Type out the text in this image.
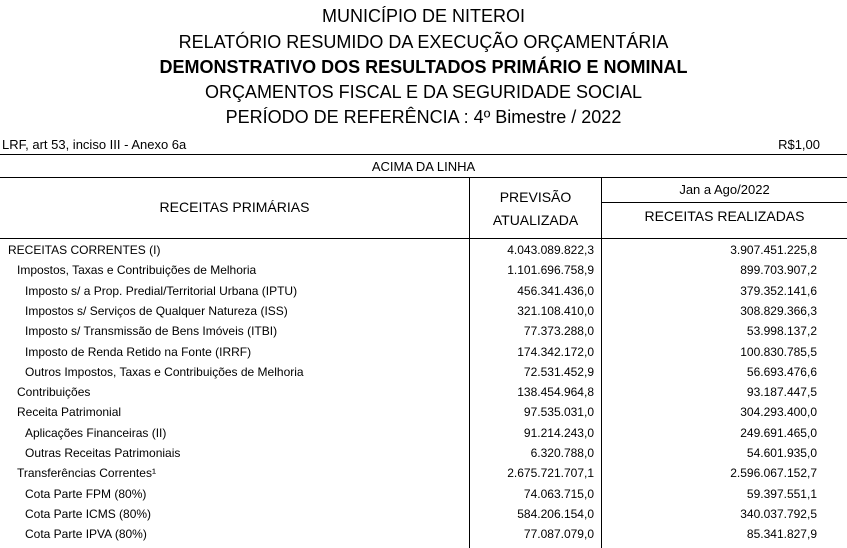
MUNICÍPIO DE NITEROI
RELATÓRIO RESUMIDO DA EXECUÇÃO ORÇAMENTÁRIA
DEMONSTRATIVO DOS RESULTADOS PRIMÁRIO E NOMINAL
ORÇAMENTOS FISCAL E DA SEGURIDADE SOCIAL
PERÍODO DE REFERÊNCIA : 4º Bimestre / 2022
LRF, art 53, inciso III - Anexo 6a	R$1,00
ACIMA DA LINHA
RECEITAS PRIMÁRIAS
PREVISÃO
ATUALIZADA
Jan a Ago/2022
RECEITAS REALIZADAS
RECEITAS CORRENTES (I)	4.043.089.822,3	3.907.451.225,8
Impostos, Taxas e Contribuições de Melhoria	1.101.696.758,9	899.703.907,2
Imposto s/ a Prop. Predial/Territorial Urbana (IPTU)	456.341.436,0	379.352.141,6
Impostos s/ Serviços de Qualquer Natureza (ISS)	321.108.410,0	308.829.366,3
Imposto s/ Transmissão de Bens Imóveis (ITBI)	77.373.288,0	53.998.137,2
Imposto de Renda Retido na Fonte (IRRF)	174.342.172,0	100.830.785,5
Outros Impostos, Taxas e Contribuições de Melhoria	72.531.452,9	56.693.476,6
Contribuições	138.454.964,8	93.187.447,5
Receita Patrimonial	97.535.031,0	304.293.400,0
Aplicações Financeiras (II)	91.214.243,0	249.691.465,0
Outras Receitas Patrimoniais	6.320.788,0	54.601.935,0
Transferências Correntes¹	2.675.721.707,1	2.596.067.152,7
Cota Parte FPM (80%)	74.063.715,0	59.397.551,1
Cota Parte ICMS (80%)	584.206.154,0	340.037.792,5
Cota Parte IPVA (80%)	77.087.079,0	85.341.827,9
